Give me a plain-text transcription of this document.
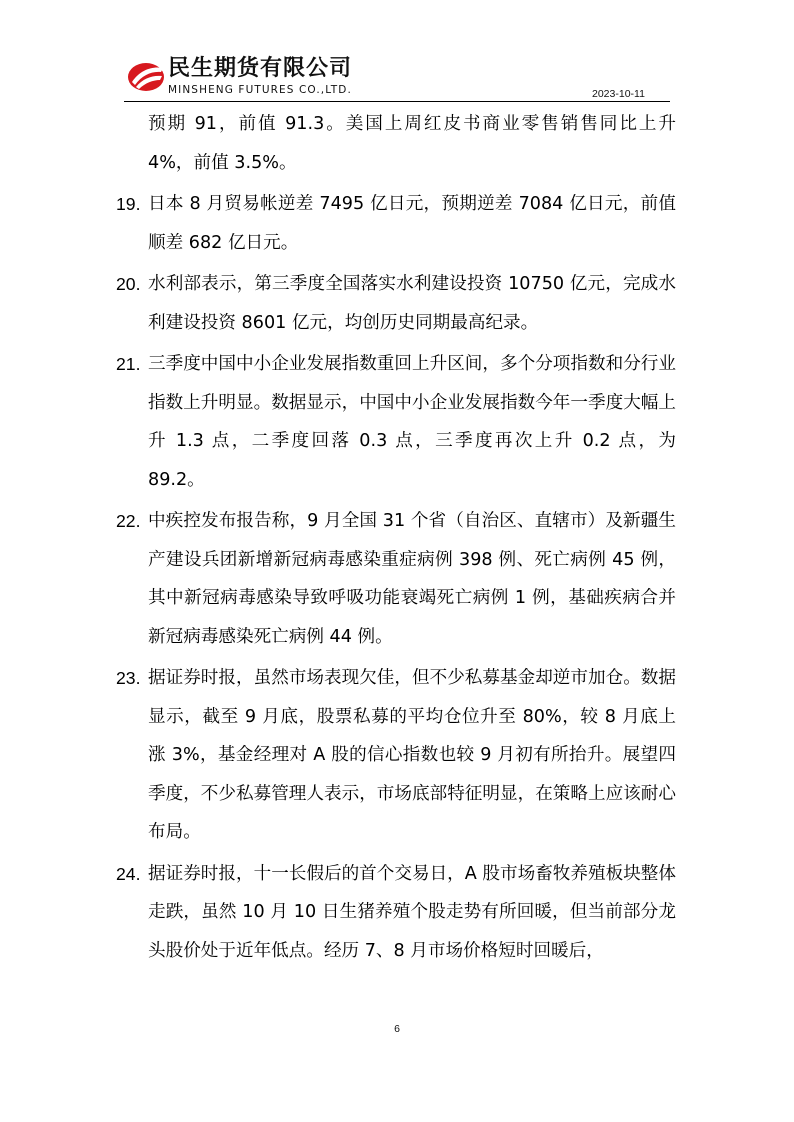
民生期货有限公司
MINSHENG FUTURES CO.,LTD.	2023-10-11
预期 91，前值 91.3。美国上周红皮书商业零售销售同比上升 4%，前值 3.5%。
19. 日本 8 月贸易帐逆差 7495 亿日元，预期逆差 7084 亿日元，前值顺差 682 亿日元。
20. 水利部表示，第三季度全国落实水利建设投资 10750 亿元，完成水利建设投资 8601 亿元，均创历史同期最高纪录。
21. 三季度中国中小企业发展指数重回上升区间，多个分项指数和分行业指数上升明显。数据显示，中国中小企业发展指数今年一季度大幅上升 1.3 点，二季度回落 0.3 点，三季度再次上升 0.2 点，为 89.2。
22. 中疾控发布报告称，9 月全国 31 个省（自治区、直辖市）及新疆生产建设兵团新增新冠病毒感染重症病例 398 例、死亡病例 45 例，其中新冠病毒感染导致呼吸功能衰竭死亡病例 1 例，基础疾病合并新冠病毒感染死亡病例 44 例。
23. 据证券时报，虽然市场表现欠佳，但不少私募基金却逆市加仓。数据显示，截至 9 月底，股票私募的平均仓位升至 80%，较 8 月底上涨 3%，基金经理对 A 股的信心指数也较 9 月初有所抬升。展望四季度，不少私募管理人表示，市场底部特征明显，在策略上应该耐心布局。
24. 据证券时报，十一长假后的首个交易日，A 股市场畜牧养殖板块整体走跌，虽然 10 月 10 日生猪养殖个股走势有所回暖，但当前部分龙头股价处于近年低点。经历 7、8 月市场价格短时回暖后，
6
